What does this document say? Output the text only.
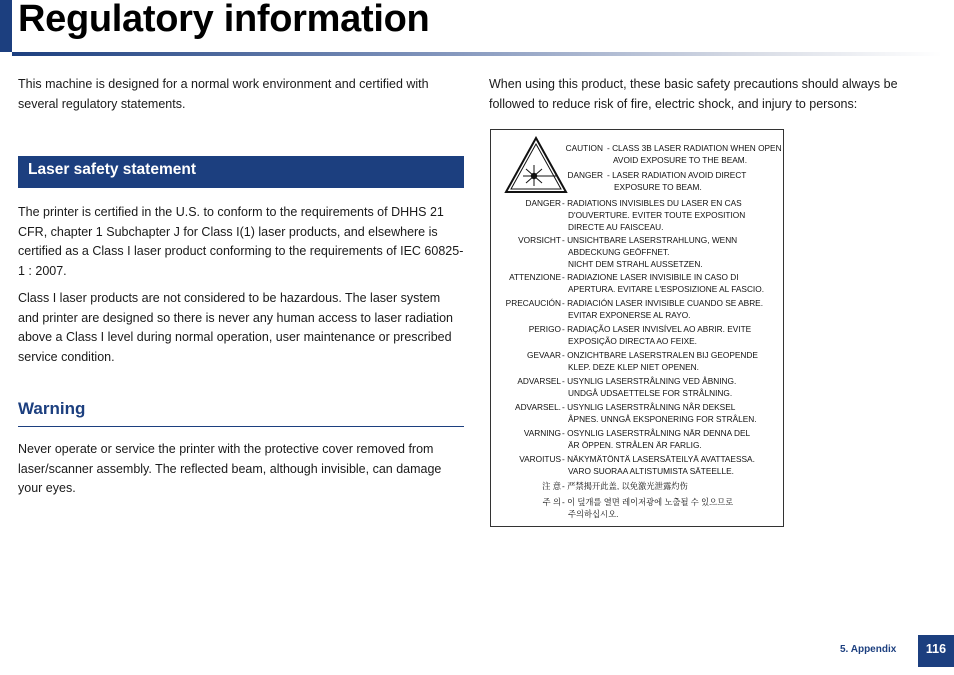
Regulatory information

This machine is designed for a normal work environment and certified with several regulatory statements.

Laser safety statement

The printer is certified in the U.S. to conform to the requirements of DHHS 21 CFR, chapter 1 Subchapter J for Class I(1) laser products, and elsewhere is certified as a Class I laser product conforming to the requirements of IEC 60825-1 : 2007.

Class I laser products are not considered to be hazardous. The laser system and printer are designed so there is never any human access to laser radiation above a Class I level during normal operation, user maintenance or prescribed service condition.

Warning

Never operate or service the printer with the protective cover removed from laser/scanner assembly. The reflected beam, although invisible, can damage your eyes.

When using this product, these basic safety precautions should always be followed to reduce risk of fire, electric shock, and injury to persons:

CAUTION - CLASS 3B LASER RADIATION WHEN OPEN
AVOID EXPOSURE TO THE BEAM.
DANGER - LASER RADIATION AVOID DIRECT
EXPOSURE TO BEAM.
DANGER - RADIATIONS INVISIBLES DU LASER EN CAS
D'OUVERTURE. EVITER TOUTE EXPOSITION
DIRECTE AU FAISCEAU.
VORSICHT - UNSICHTBARE LASERSTRAHLUNG, WENN
ABDECKUNG GEÖFFNET.
NICHT DEM STRAHL AUSSETZEN.
ATTENZIONE - RADIAZIONE LASER INVISIBILE IN CASO DI
APERTURA. EVITARE L'ESPOSIZIONE AL FASCIO.
PRECAUCIÓN - RADIACIÓN LASER INVISIBLE CUANDO SE ABRE.
EVITAR EXPONERSE AL RAYO.
PERIGO - RADIAÇÃO LASER INVISÍVEL AO ABRIR. EVITE
EXPOSIÇÃO DIRECTA AO FEIXE.
GEVAAR - ONZICHTBARE LASERSTRALEN BIJ GEOPENDE
KLEP. DEZE KLEP NIET OPENEN.
ADVARSEL - USYNLIG LASERSTRÅLNING VED ÅBNING.
UNDGÅ UDSAETTELSE FOR STRÅLNING.
ADVARSEL. - USYNLIG LASERSTRÅLNING NÅR DEKSEL
ÅPNES. UNNGÅ EKSPONERING FOR STRÅLEN.
VARNING - OSYNLIG LASERSTRÅLNING NÄR DENNA DEL
ÄR ÖPPEN. STRÅLEN ÄR FARLIG.
VAROITUS - NÄKYMÄTÖNTÄ LASERSÄTEILYÄ AVATTAESSA.
VARO SUORAA ALTISTUMISTA SÄTEELLE.
注 意 - 严禁揭开此盖, 以免激光泄露灼伤
주 의 - 이 덮개를 열면 레이저광에 노출될 수 있으므로
주의하십시오.
5. Appendix	116
